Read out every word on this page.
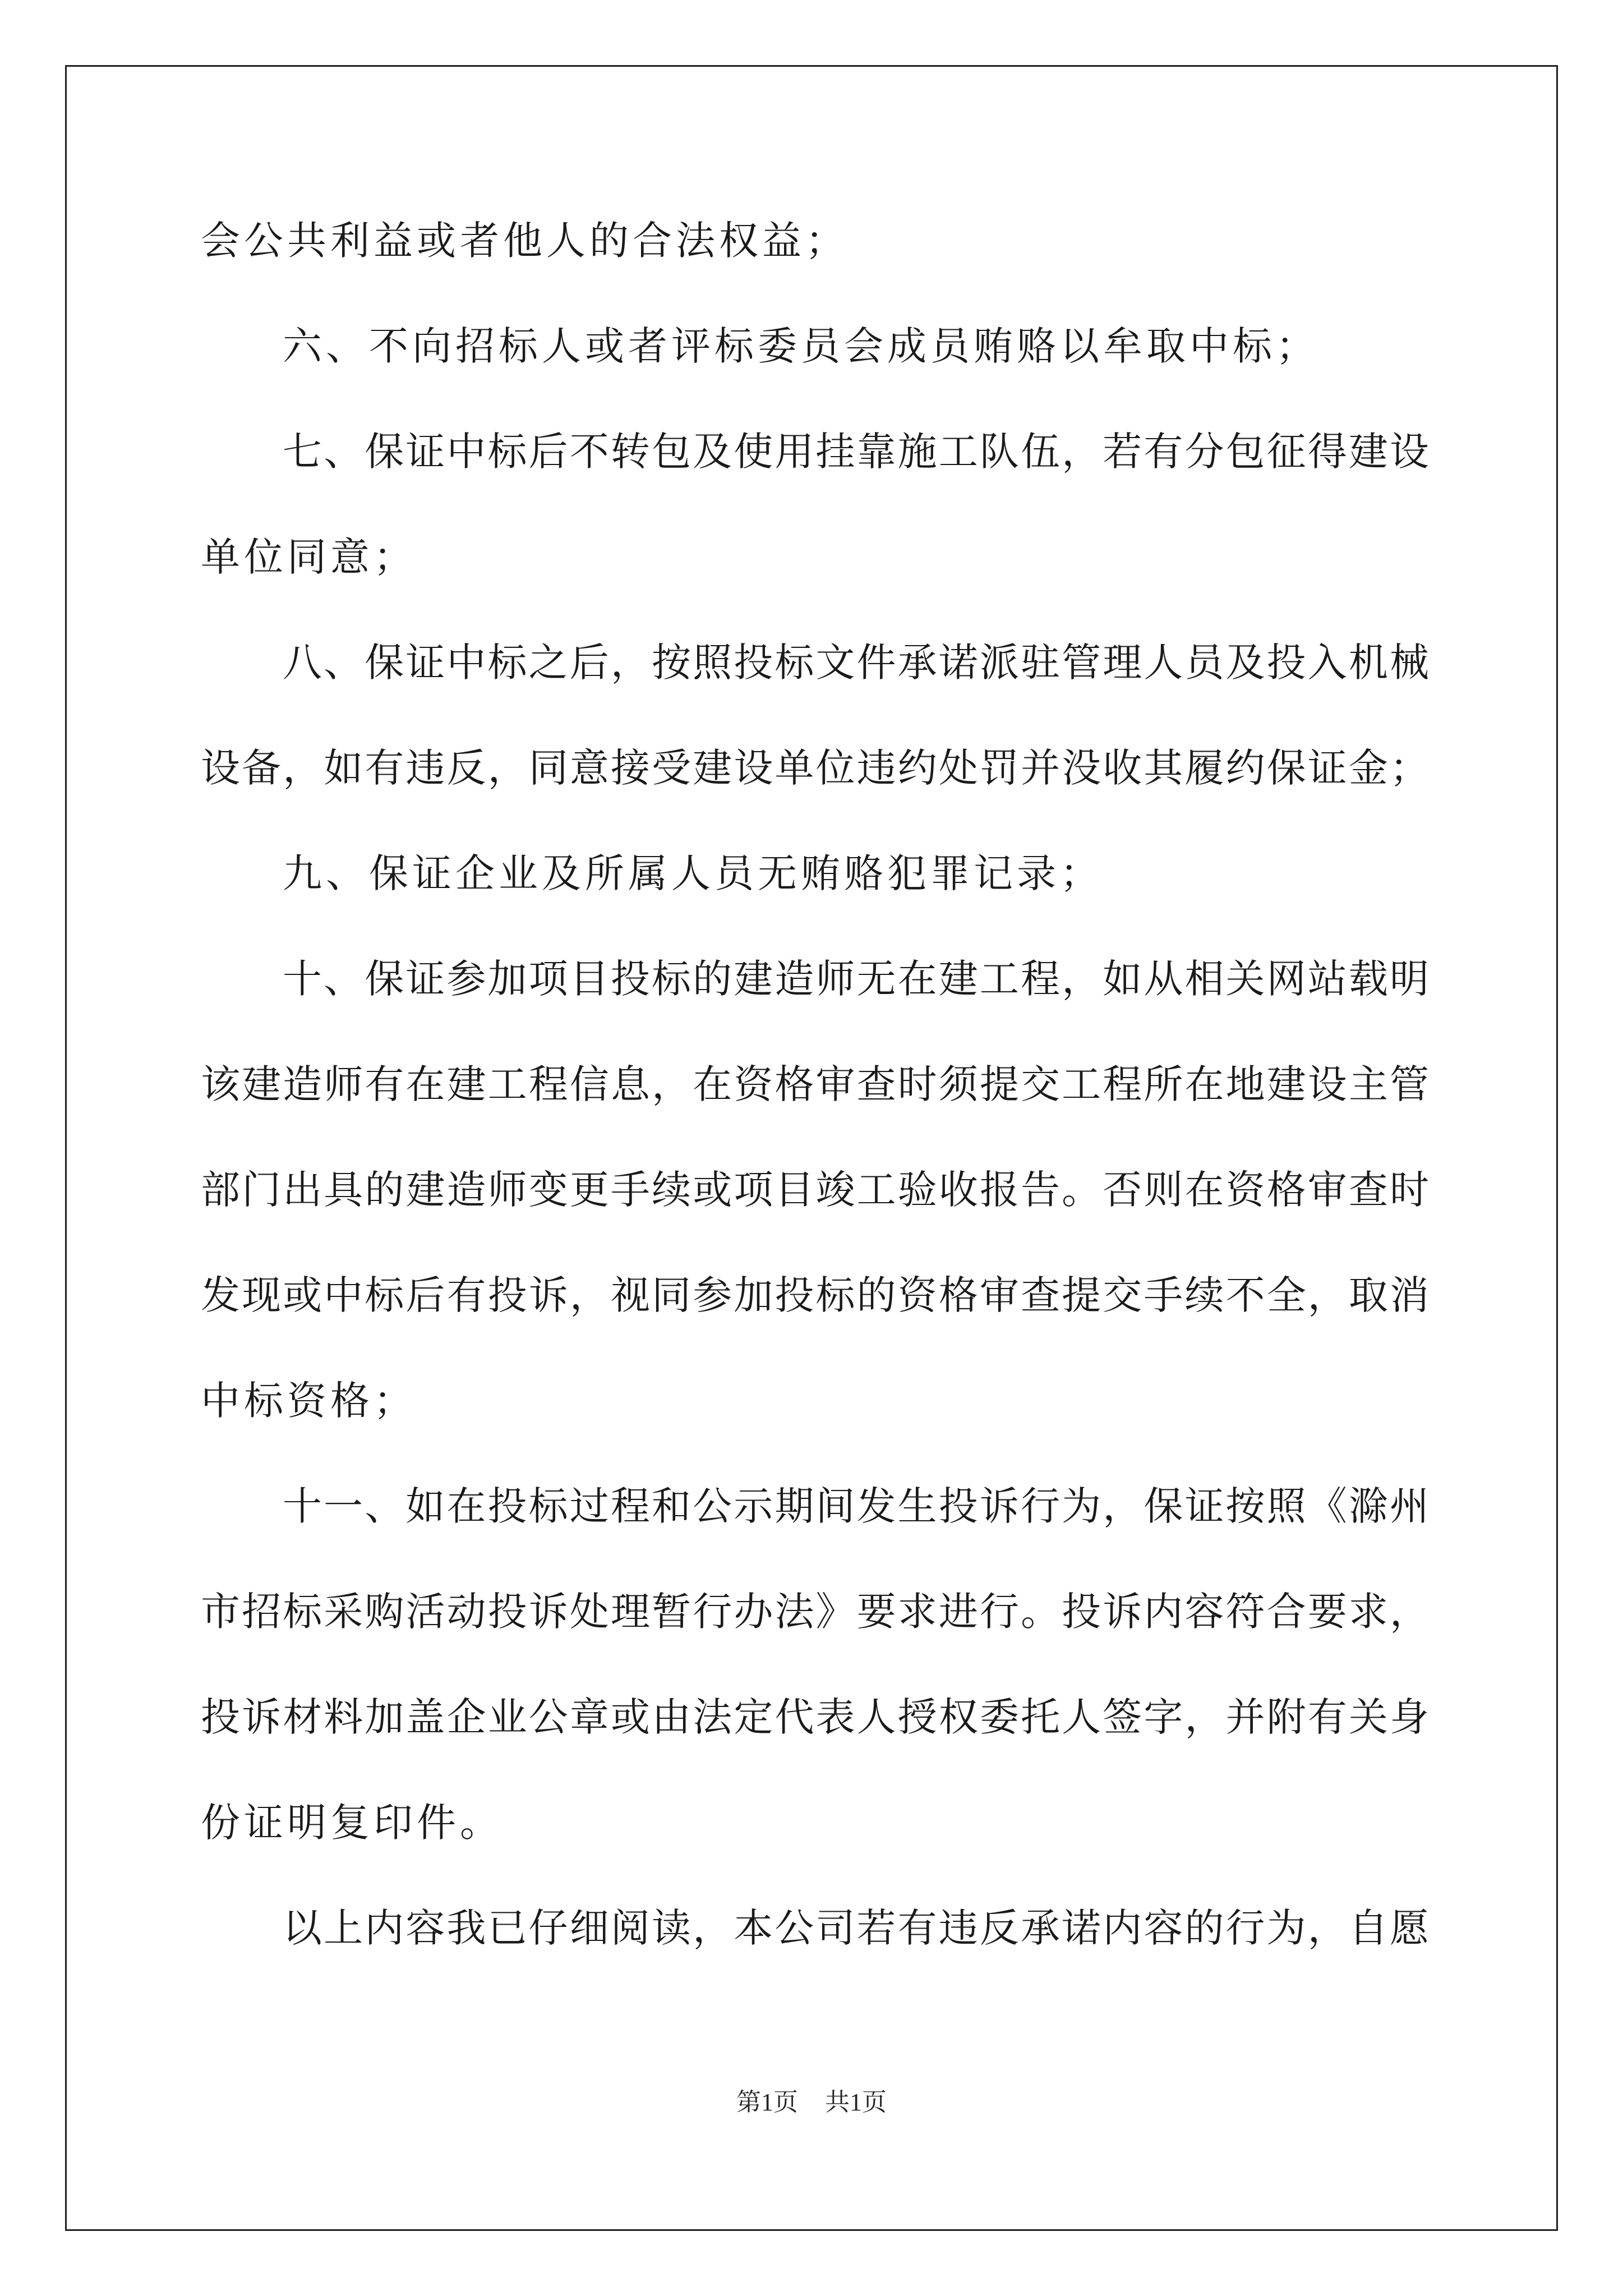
会公共利益或者他人的合法权益；
六、不向招标人或者评标委员会成员贿赂以牟取中标；
七、保证中标后不转包及使用挂靠施工队伍，若有分包征得建设
单位同意；
八、保证中标之后，按照投标文件承诺派驻管理人员及投入机械
设备，如有违反，同意接受建设单位违约处罚并没收其履约保证金；
九、保证企业及所属人员无贿赂犯罪记录；
十、保证参加项目投标的建造师无在建工程，如从相关网站载明
该建造师有在建工程信息，在资格审查时须提交工程所在地建设主管
部门出具的建造师变更手续或项目竣工验收报告。否则在资格审查时
发现或中标后有投诉，视同参加投标的资格审查提交手续不全，取消
中标资格；
十一、如在投标过程和公示期间发生投诉行为，保证按照《滁州
市招标采购活动投诉处理暂行办法》要求进行。投诉内容符合要求，
投诉材料加盖企业公章或由法定代表人授权委托人签字，并附有关身
份证明复印件。
以上内容我已仔细阅读，本公司若有违反承诺内容的行为，自愿
第1页 共1页
